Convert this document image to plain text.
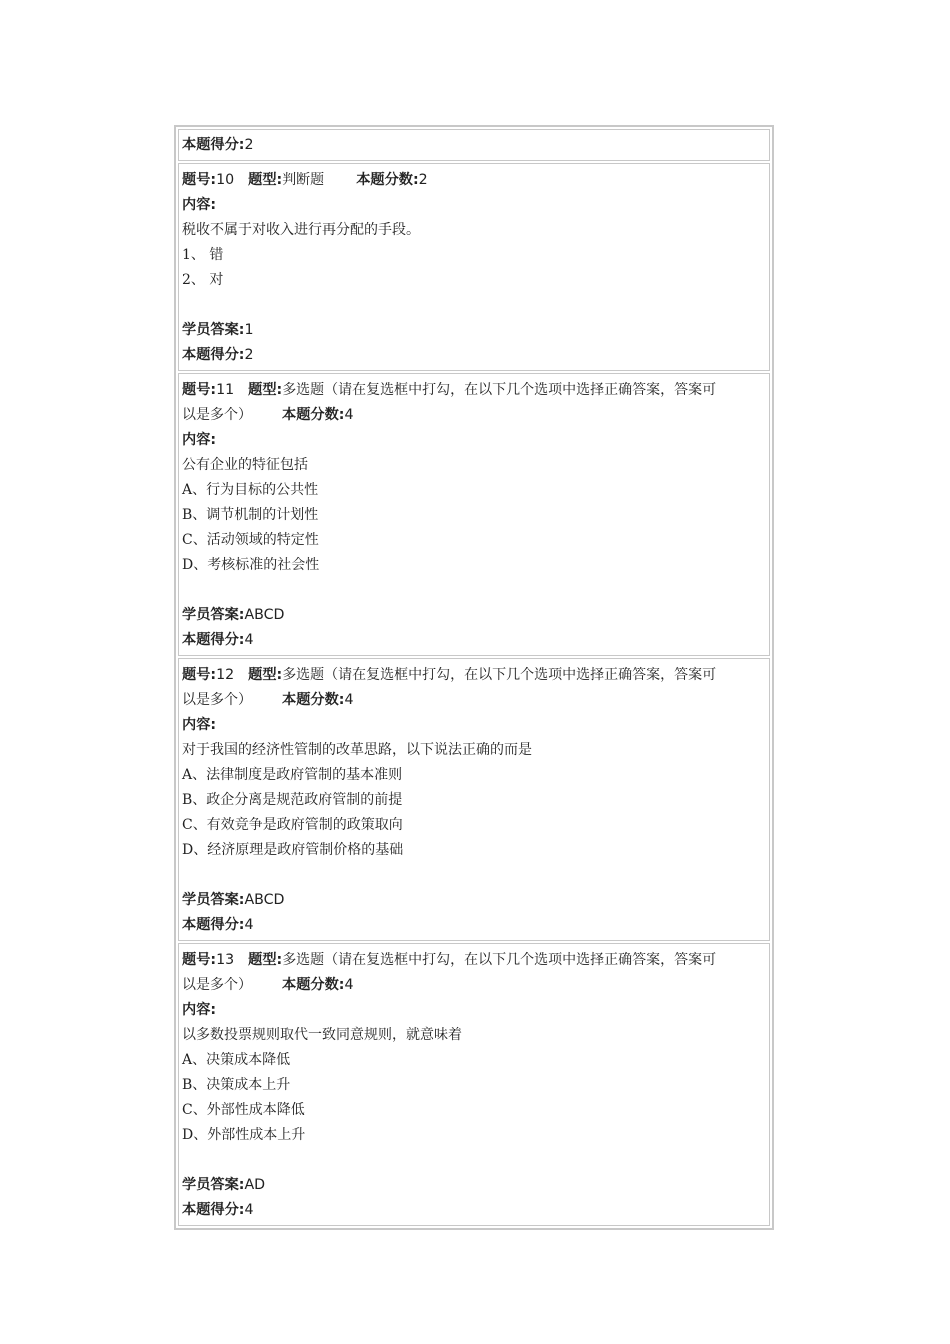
本题得分:2
题号:10 题型:判断题 本题分数:2
内容:
税收不属于对收入进行再分配的手段。
1、 错
2、 对
学员答案:1
本题得分:2
题号:11 题型:多选题（请在复选框中打勾，在以下几个选项中选择正确答案，答案可
以是多个） 本题分数:4
内容:
公有企业的特征包括
A、行为目标的公共性
B、调节机制的计划性
C、活动领域的特定性
D、考核标准的社会性
学员答案:ABCD
本题得分:4
题号:12 题型:多选题（请在复选框中打勾，在以下几个选项中选择正确答案，答案可
以是多个） 本题分数:4
内容:
对于我国的经济性管制的改革思路，以下说法正确的而是
A、法律制度是政府管制的基本准则
B、政企分离是规范政府管制的前提
C、有效竞争是政府管制的政策取向
D、经济原理是政府管制价格的基础
学员答案:ABCD
本题得分:4
题号:13 题型:多选题（请在复选框中打勾，在以下几个选项中选择正确答案，答案可
以是多个） 本题分数:4
内容:
以多数投票规则取代一致同意规则，就意味着
A、决策成本降低
B、决策成本上升
C、外部性成本降低
D、外部性成本上升
学员答案:AD
本题得分:4
